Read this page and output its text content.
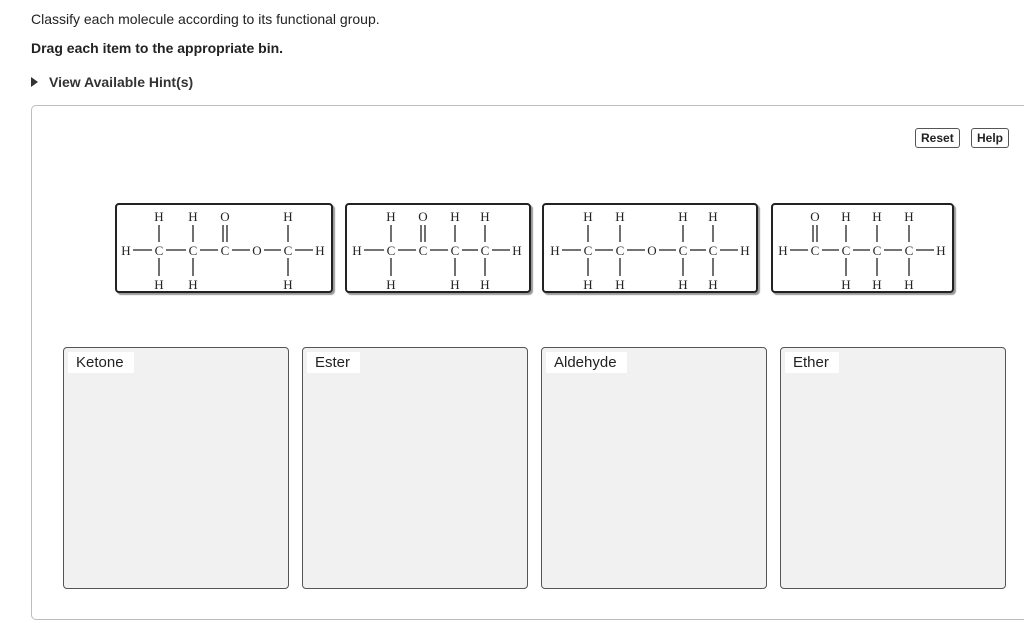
Classify each molecule according to its functional group.
Drag each item to the appropriate bin.
View Available Hint(s)
Reset	Help
H H O	H
H C C C O C H
H H	H
H O H H
H C C C C H
H	H H
H H	H H
H C C O C C H
H H	H H
O H H H
H C C C C H
H H H
Ketone	Ester	Aldehyde	Ether
